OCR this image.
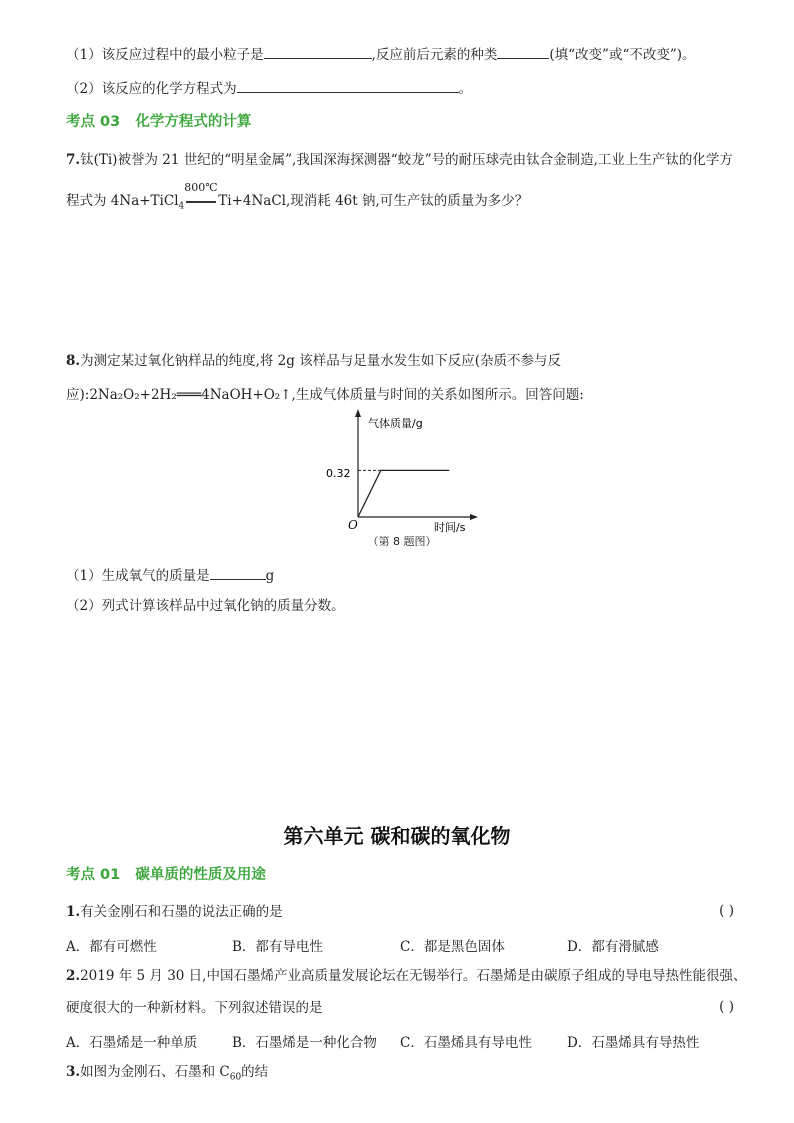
（1）该反应过程中的最小粒子是	,反应前后元素的种类	(填“改变”或“不改变”)。
（2）该反应的化学方程式为	。
考点 03 化学方程式的计算
7.钛(Ti)被誉为 21 世纪的“明星金属”,我国深海探测器“蛟龙”号的耐压球壳由钛合金制造,工业上生产钛的化学方
程式为 4Na+TiCl$_4$
800℃
Ti+4NaCl,现消耗 46t 钠,可生产钛的质量为多少？
8.为测定某过氧化钠样品的纯度,将 2g 该样品与足量水发生如下反应(杂质不参与反
应):2Na₂O₂+2H₂═══4NaOH+O₂↑,生成气体质量与时间的关系如图所示。回答问题:
气体质量/g
时间/s
O
0.32
（第 8 题图）
（1）生成氧气的质量是	g
（2）列式计算该样品中过氧化钠的质量分数。
第六单元 碳和碳的氧化物
考点 01 碳单质的性质及用途
1.有关金刚石和石墨的说法正确的是	( )
A．都有可燃性	B．都有导电性	C．都是黑色固体	D．都有滑腻感
2.2019 年 5 月 30 日,中国石墨烯产业高质量发展论坛在无锡举行。石墨烯是由碳原子组成的导电导热性能很强、
硬度很大的一种新材料。下列叙述错误的是	( )
A．石墨烯是一种单质	B．石墨烯是一种化合物 C．石墨烯具有导电性	D．石墨烯具有导热性
3.如图为金刚石、石墨和 $C_{60}$的结
